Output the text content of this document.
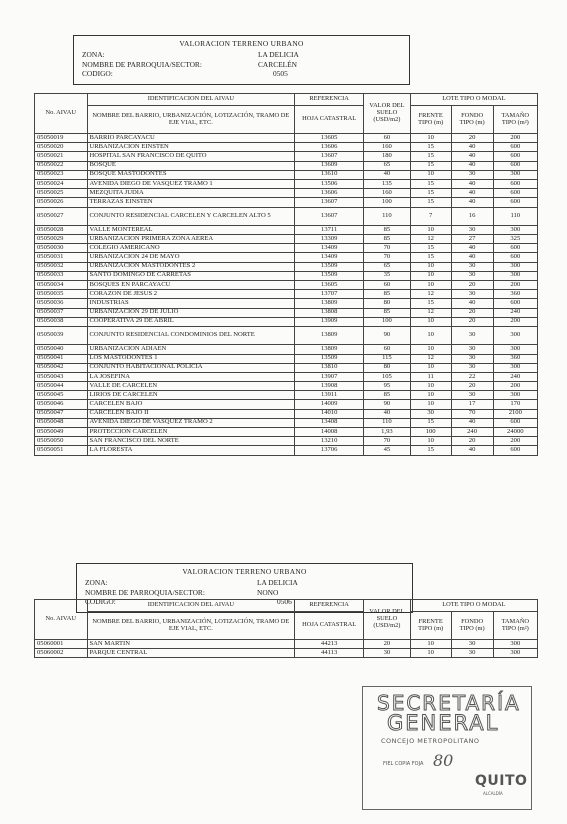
VALORACION TERRENO URBANO
ZONA:	LA DELICIA
NOMBRE DE PARROQUIA/SECTOR:	CARCELÉN
CODIGO:	0505
No. AIVAU	IDENTIFICACION DEL AIVAU	REFERENCIA	VALOR DEL SUELO (USD/m2)	LOTE TIPO O MODAL		
	NOMBRE DEL BARRIO, URBANIZACIÓN, LOTIZACIÓN, TRAMO DE EJE VIAL, ETC.	HOJA CATASTRAL		FRENTE TIPO (m)	FONDO TIPO (m)	TAMAÑO TIPO (m²)
05050019	BARRIO PARCAYACU	13605	60	10	20	200
05050020	URBANIZACION EINSTEN	13606	160	15	40	600
05050021	HOSPITAL SAN FRANCISCO DE QUITO	13607	180	15	40	600
05050022	BOSQUE	13609	65	15	40	600
05050023	BOSQUE MASTODONTES	13610	40	10	30	300
05050024	AVENIDA DIEGO DE VASQUEZ TRAMO 1	13506	135	15	40	600
05050025	MEZQUITA JUDIA	13606	160	15	40	600
05050026	TERRAZAS EINSTEN	13607	100	15	40	600
05050027	CONJUNTO RESIDENCIAL CARCELEN Y CARCELEN ALTO 5	13607	110	7	16	110
05050028	VALLE MONTEREAL	13711	85	10	30	300
05050029	URBANIZACION PRIMERA ZONA AEREA	13309	85	12	27	325
05050030	COLEGIO AMERICANO	13409	70	15	40	600
05050031	URBANIZACION 24 DE MAYO	13409	70	15	40	600
05050032	URBANIZACION MASTODONTES 2	13509	65	10	30	300
05050033	SANTO DOMINGO DE CARRETAS	13509	35	10	30	300
05050034	BOSQUES EN PARCAYACU	13605	60	10	20	200
05050035	CORAZON DE JESUS 2	13707	85	12	30	360
05050036	INDUSTRIAS	13809	80	15	40	600
05050037	URBANIZACION 29 DE JULIO	13808	85	12	20	240
05050038	COOPERATIVA 29 DE ABRIL	13909	100	10	20	200
05050039	CONJUNTO RESIDENCIAL CONDOMINIOS DEL NORTE	13809	90	10	30	300
05050040	URBANIZACION ADIAEN	13809	60	10	30	300
05050041	LOS MASTODONTES 1	13509	115	12	30	360
05050042	CONJUNTO HABITACIONAL POLICIA	13810	80	10	30	300
05050043	LA JOSEFINA	13907	105	11	22	240
05050044	VALLE DE CARCELEN	13908	95	10	20	200
05050045	LIRIOS DE CARCELEN	13911	85	10	30	300
05050046	CARCELEN BAJO	14009	90	10	17	170
05050047	CARCELEN BAJO II	14010	40	30	70	2100
05050048	AVENIDA DIEGO DE VASQUEZ TRAMO 2	13408	110	15	40	600
05050049	PROTECCION CARCELEN	14008	1,93	100	240	24000
05050050	SAN FRANCISCO DEL NORTE	13210	70	10	20	200
05050051	LA FLORESTA	13706	45	15	40	600
VALORACION TERRENO URBANO
ZONA:	LA DELICIA
NOMBRE DE PARROQUIA/SECTOR:	NONO
CODIGO:	0506
No. AIVAU	IDENTIFICACION DEL AIVAU	REFERENCIA	VALOR DEL SUELO (USD/m2)	LOTE TIPO O MODAL		
	NOMBRE DEL BARRIO, URBANIZACIÓN, LOTIZACIÓN, TRAMO DE EJE VIAL, ETC.	HOJA CATASTRAL		FRENTE TIPO (m)	FONDO TIPO (m)	TAMAÑO TIPO (m²)
05060001	SAN MARTIN	44213	20	10	30	300
05060002	PARQUE CENTRAL	44113	30	10	30	300
SECRETARÍA
GENERAL
CONCEJO METROPOLITANO
FIEL COPIA FOJA 80
QUITO
ALCALDÍA
